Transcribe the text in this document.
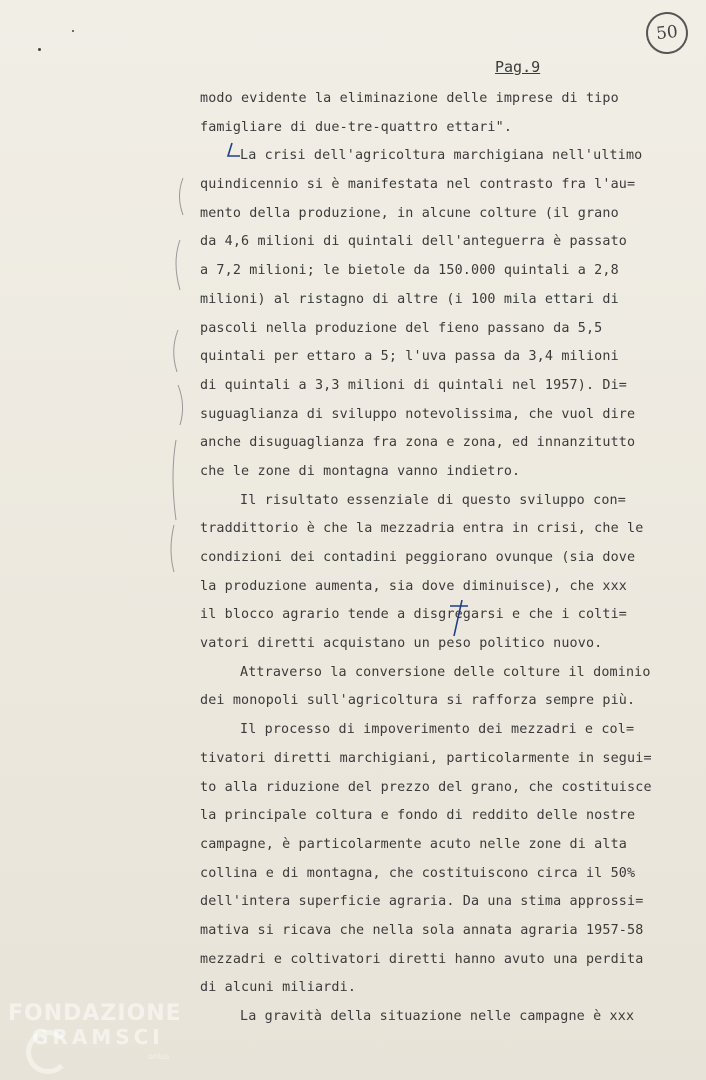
50
Pag.9
modo evidente la eliminazione delle imprese di tipo
famigliare di due-tre-quattro ettari".
La crisi dell'agricoltura marchigiana nell'ultimo
quindicennio si è manifestata nel contrasto fra l'au=
mento della produzione, in alcune colture (il grano
da 4,6 milioni di quintali dell'anteguerra è passato
a 7,2 milioni; le bietole da 150.000 quintali a 2,8
milioni) al ristagno di altre (i 100 mila ettari di
pascoli nella produzione del fieno passano da 5,5
quintali per ettaro a 5; l'uva passa da 3,4 milioni
di quintali a 3,3 milioni di quintali nel 1957). Di=
suguaglianza di sviluppo notevolissima, che vuol dire
anche disuguaglianza fra zona e zona, ed innanzitutto
che le zone di montagna vanno indietro.
Il risultato essenziale di questo sviluppo con=
traddittorio è che la mezzadria entra in crisi, che le
condizioni dei contadini peggiorano ovunque (sia dove
la produzione aumenta, sia dove diminuisce), che xxx
il blocco agrario tende a disgregarsi e che i colti=
vatori diretti acquistano un peso politico nuovo.
Attraverso la conversione delle colture il dominio
dei monopoli sull'agricoltura si rafforza sempre più.
Il processo di impoverimento dei mezzadri e col=
tivatori diretti marchigiani, particolarmente in segui=
to alla riduzione del prezzo del grano, che costituisce
la principale coltura e fondo di reddito delle nostre
campagne, è particolarmente acuto nelle zone di alta
collina e di montagna, che costituiscono circa il 50%
dell'intera superficie agraria. Da una stima approssi=
mativa si ricava che nella sola annata agraria 1957-58
mezzadri e coltivatori diretti hanno avuto una perdita
di alcuni miliardi.
La gravità della situazione nelle campagne è xxx
FONDAZIONE
GRAMSCI
onlus
